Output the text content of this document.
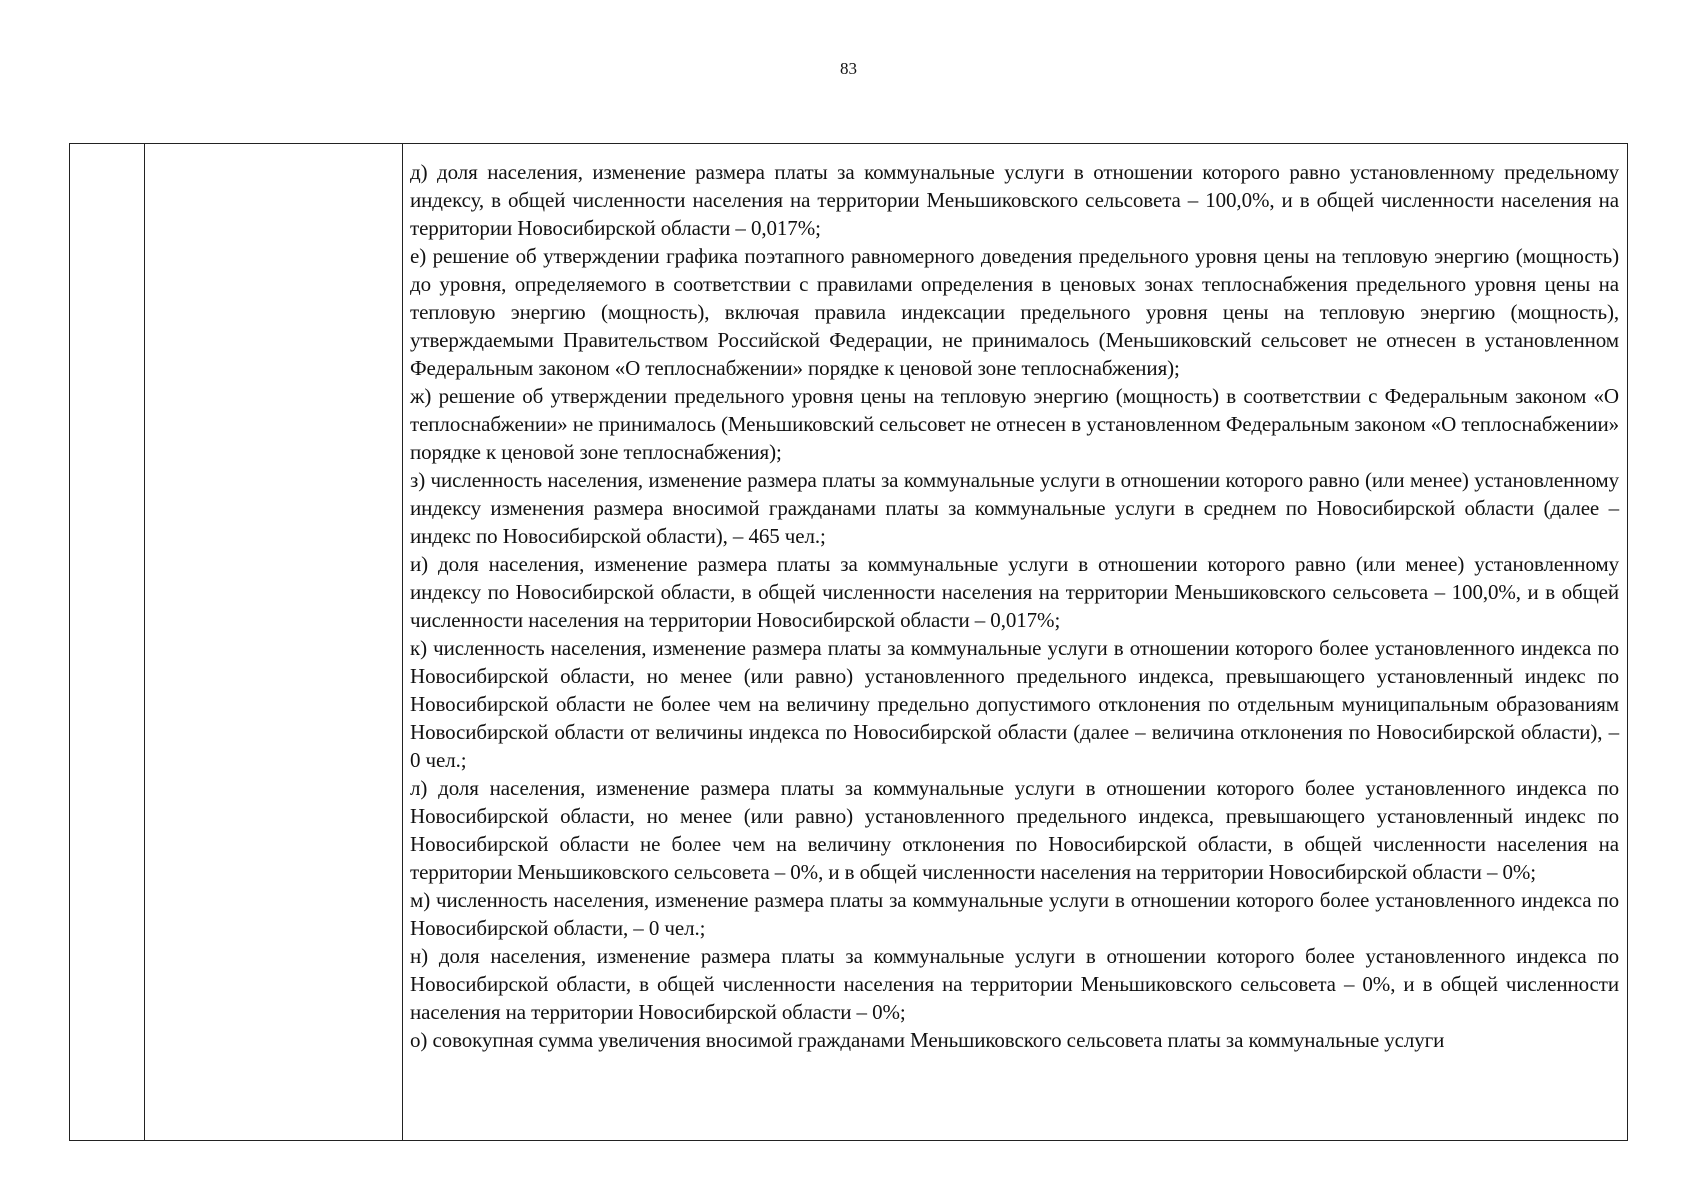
83

д) доля населения, изменение размера платы за коммунальные услуги в отношении которого равно установленному предельному индексу, в общей численности населения на территории Меньшиковского сельсовета – 100,0%, и в общей численности населения на территории Новосибирской области – 0,017%;

е) решение об утверждении графика поэтапного равномерного доведения предельного уровня цены на тепловую энергию (мощность) до уровня, определяемого в соответствии с правилами определения в ценовых зонах теплоснабжения предельного уровня цены на тепловую энергию (мощность), включая правила индексации предельного уровня цены на тепловую энергию (мощность), утверждаемыми Правительством Российской Федерации, не принималось (Меньшиковский сельсовет не отнесен в установленном Федеральным законом «О теплоснабжении» порядке к ценовой зоне теплоснабжения);

ж) решение об утверждении предельного уровня цены на тепловую энергию (мощность) в соответствии с Федеральным законом «О теплоснабжении» не принималось (Меньшиковский сельсовет не отнесен в установленном Федеральным законом «О теплоснабжении» порядке к ценовой зоне теплоснабжения);

з) численность населения, изменение размера платы за коммунальные услуги в отношении которого равно (или менее) установленному индексу изменения размера вносимой гражданами платы за коммунальные услуги в среднем по Новосибирской области (далее – индекс по Новосибирской области), – 465 чел.;

и) доля населения, изменение размера платы за коммунальные услуги в отношении которого равно (или менее) установленному индексу по Новосибирской области, в общей численности населения на территории Меньшиковского сельсовета – 100,0%, и в общей численности населения на территории Новосибирской области – 0,017%;

к) численность населения, изменение размера платы за коммунальные услуги в отношении которого более установленного индекса по Новосибирской области, но менее (или равно) установленного предельного индекса, превышающего установленный индекс по Новосибирской области не более чем на величину предельно допустимого отклонения по отдельным муниципальным образованиям Новосибирской области от величины индекса по Новосибирской области (далее – величина отклонения по Новосибирской области), – 0 чел.;

л) доля населения, изменение размера платы за коммунальные услуги в отношении которого более установленного индекса по Новосибирской области, но менее (или равно) установленного предельного индекса, превышающего установленный индекс по Новосибирской области не более чем на величину отклонения по Новосибирской области, в общей численности населения на территории Меньшиковского сельсовета – 0%, и в общей численности населения на территории Новосибирской области – 0%;

м) численность населения, изменение размера платы за коммунальные услуги в отношении которого более установленного индекса по Новосибирской области, – 0 чел.;

н) доля населения, изменение размера платы за коммунальные услуги в отношении которого более установленного индекса по Новосибирской области, в общей численности населения на территории Меньшиковского сельсовета – 0%, и в общей численности населения на территории Новосибирской области – 0%;

о) совокупная сумма увеличения вносимой гражданами Меньшиковского сельсовета платы за коммунальные услуги
